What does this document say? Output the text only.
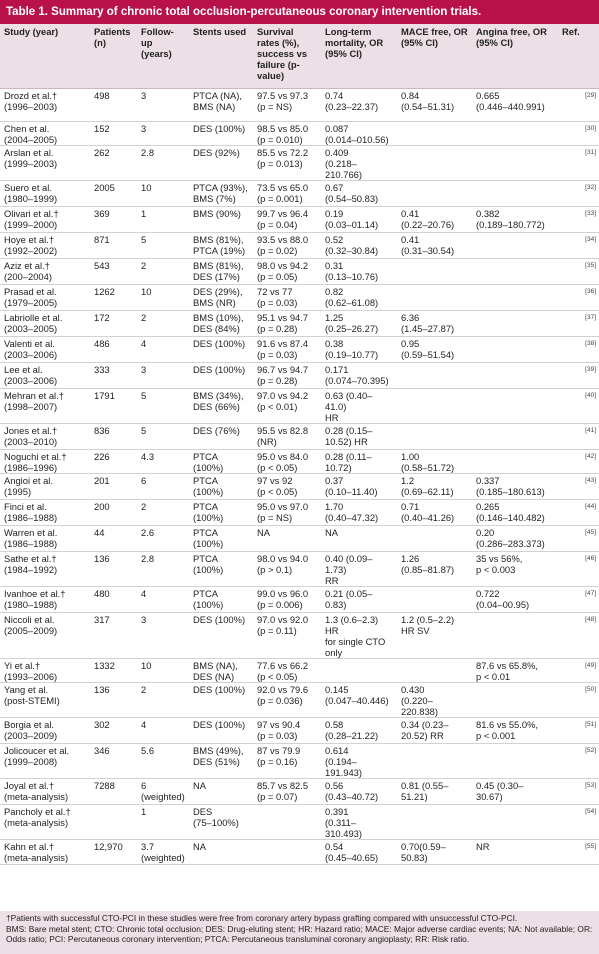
Table 1. Summary of chronic total occlusion-percutaneous coronary intervention trials.
Study (year)	Patients (n)	Follow-up (years)	Stents used	Survival rates (%), success vs failure (p-value)	Long-term mortality, OR (95% CI)	MACE free, OR (95% CI)	Angina free, OR (95% CI)	Ref.
Drozd et al.†
(1996–2003)	498	3	PTCA (NA),
BMS (NA)	97.5 vs 97.3
(p = NS)	0.74
(0.23–22.37)	0.84
(0.54–51.31)	0.665
(0.446–440.991)	[29]
Chen et al.
(2004–2005)	152	3	DES (100%)	98.5 vs 85.0
(p = 0.010)	0.087
(0.014–010.56)			[30]
Arslan et al.
(1999–2003)	262	2.8	DES (92%)	85.5 vs 72.2
(p = 0.013)	0.409
(0.218–210.766)			[31]
Suero et al.
(1980–1999)	2005	10	PTCA (93%),
BMS (7%)	73.5 vs 65.0
(p = 0.001)	0.67
(0.54–50.83)			[32]
Olivari et al.†
(1999–2000)	369	1	BMS (90%)	99.7 vs 96.4
(p = 0.04)	0.19
(0.03–01.14)	0.41
(0.22–20.76)	0.382
(0.189–180.772)	[33]
Hoye et al.†
(1992–2002)	871	5	BMS (81%),
PTCA (19%)	93.5 vs 88.0
(p = 0.02)	0.52
(0.32–30.84)	0.41
(0.31–30.54)		[34]
Aziz et al.†
(200–2004)	543	2	BMS (81%),
DES (17%)	98.0 vs 94.2
(p = 0.05)	0.31
(0.13–10.76)			[35]
Prasad et al.
(1979–2005)	1262	10	DES (29%),
BMS (NR)	72 vs 77
(p = 0.03)	0.82
(0.62–61.08)			[36]
Labriolle et al.
(2003–2005)	172	2	BMS (10%),
DES (84%)	95.1 vs 94.7
(p = 0.28)	1.25
(0.25–26.27)	6.36
(1.45–27.87)		[37]
Valenti et al.
(2003–2006)	486	4	DES (100%)	91.6 vs 87.4
(p = 0.03)	0.38
(0.19–10.77)	0.95
(0.59–51.54)		[38]
Lee et al.
(2003–2006)	333	3	DES (100%)	96.7 vs 94.7
(p = 0.28)	0.171
(0.074–70.395)			[39]
Mehran et al.†
(1998–2007)	1791	5	BMS (34%),
DES (66%)	97.0 vs 94.2
(p < 0.01)	0.63 (0.40–41.0)
HR			[40]
Jones et al.†
(2003–2010)	836	5	DES (76%)	95.5 vs 82.8
(NR)	0.28 (0.15–
10.52) HR			[41]
Noguchi et al.†
(1986–1996)	226	4.3	PTCA
(100%)	95.0 vs 84.0
(p < 0.05)	0.28 (0.11–10.72)	1.00
(0.58–51.72)		[42]
Angioi et al.
(1995)	201	6	PTCA
(100%)	97 vs 92
(p < 0.05)	0.37
(0.10–11.40)	1.2
(0.69–62.11)	0.337
(0.185–180.613)	[43]
Finci et al.
(1986–1988)	200	2	PTCA
(100%)	95.0 vs 97.0
(p = NS)	1.70
(0.40–47.32)	0.71
(0.40–41.26)	0.265
(0.146–140.482)	[44]
Warren et al.
(1986–1988)	44	2.6	PTCA
(100%)	NA	NA		0.20
(0.286–283.373)	[45]
Sathe et al.†
(1984–1992)	136	2.8	PTCA
(100%)	98.0 vs 94.0
(p > 0.1)	0.40 (0.09–1.73)
RR	1.26
(0.85–81.87)	35 vs 56%,
p < 0.003	[46]
Ivanhoe et al.†
(1980–1988)	480	4	PTCA
(100%)	99.0 vs 96.0
(p = 0.006)	0.21 (0.05–0.83)		0.722
(0.04–00.95)	[47]
Niccoli et al.
(2005–2009)	317	3	DES (100%)	97.0 vs 92.0
(p = 0.11)	1.3 (0.6–2.3) HR
for single CTO
only	1.2 (0.5–2.2)
HR SV		[48]
Yi et al.†
(1993–2006)	1332	10	BMS (NA),
DES (NA)	77.6 vs 66.2
(p < 0.05)			87.6 vs 65.8%,
p < 0.01	[49]
Yang et al.
(post-STEMI)	136	2	DES (100%)	92.0 vs 79.6
(p = 0.036)	0.145
(0.047–40.446)	0.430
(0.220–
220.838)		[50]
Borgia et al.
(2003–2009)	302	4	DES (100%)	97 vs 90.4
(p = 0.03)	0.58
(0.28–21.22)	0.34 (0.23–
20.52) RR	81.6 vs 55.0%,
p < 0.001	[51]
Jolicoucer et al.
(1999–2008)	346	5.6	BMS (49%),
DES (51%)	87 vs 79.9
(p = 0.16)	0.614
(0.194–191.943)			[52]
Joyal et al.†
(meta-analysis)	7288	6
(weighted)	NA	85.7 vs 82.5
(p = 0.07)	0.56
(0.43–40.72)	0.81 (0.55–
51.21)	0.45 (0.30–
30.67)	[53]
Pancholy et al.†
(meta-analysis)		1	DES
(75–100%)		0.391
(0.311–310.493)			[54]
Kahn et al.†
(meta-analysis)	12,970	3.7
(weighted)	NA		0.54
(0.45–40.65)	0.70(0.59–
50.83)	NR	[55]

†Patients with successful CTO-PCI in these studies were free from coronary artery bypass grafting compared with unsuccessful CTO-PCI.

BMS: Bare metal stent; CTO: Chronic total occlusion; DES: Drug-eluting stent; HR: Hazard ratio; MACE: Major adverse cardiac events; NA: Not available; OR: Odds ratio; PCI: Percutaneous coronary intervention; PTCA: Percutaneous transluminal coronary angioplasty; RR: Risk ratio.
